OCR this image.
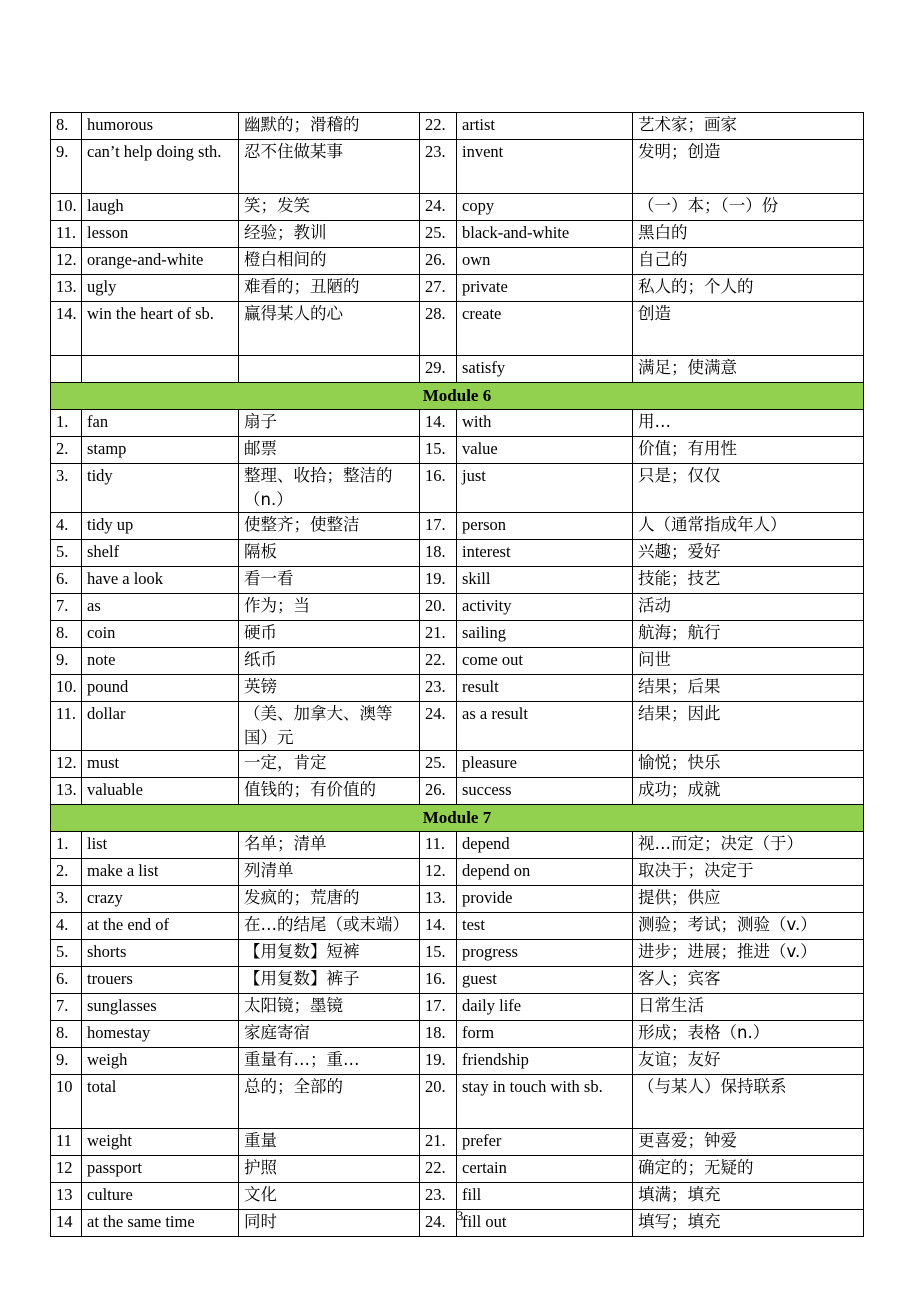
8.	humorous	幽默的；滑稽的	22.	artist	艺术家；画家
9.	can’t help doing sth.	忍不住做某事	23.	invent	发明；创造
10.	laugh	笑；发笑	24.	copy	（一）本；（一）份
11.	lesson	经验；教训	25.	black-and-white	黑白的
12.	orange-and-white	橙白相间的	26.	own	自己的
13.	ugly	难看的；丑陋的	27.	private	私人的；个人的
14.	win the heart of sb.	赢得某人的心	28.	create	创造
			29.	satisfy	满足；使满意
Module 6					
1.	fan	扇子	14.	with	用…
2.	stamp	邮票	15.	value	价值；有用性
3.	tidy	整理、收拾；整洁的（n.）	16.	just	只是；仅仅
4.	tidy up	使整齐；使整洁	17.	person	人（通常指成年人）
5.	shelf	隔板	18.	interest	兴趣；爱好
6.	have a look	看一看	19.	skill	技能；技艺
7.	as	作为；当	20.	activity	活动
8.	coin	硬币	21.	sailing	航海；航行
9.	note	纸币	22.	come out	问世
10.	pound	英镑	23.	result	结果；后果
11.	dollar	（美、加拿大、澳等国）元	24.	as a result	结果；因此
12.	must	一定，肯定	25.	pleasure	愉悦；快乐
13.	valuable	值钱的；有价值的	26.	success	成功；成就
Module 7					
1.	list	名单；清单	11.	depend	视…而定；决定（于）
2.	make a list	列清单	12.	depend on	取决于；决定于
3.	crazy	发疯的；荒唐的	13.	provide	提供；供应
4.	at the end of	在…的结尾（或末端）	14.	test	测验；考试；测验（v.）
5.	shorts	【用复数】短裤	15.	progress	进步；进展；推进（v.）
6.	trouers	【用复数】裤子	16.	guest	客人；宾客
7.	sunglasses	太阳镜；墨镜	17.	daily life	日常生活
8.	homestay	家庭寄宿	18.	form	形成；表格（n.）
9.	weigh	重量有…；重…	19.	friendship	友谊；友好
10	total	总的；全部的	20.	stay in touch with sb.	（与某人）保持联系
11	weight	重量	21.	prefer	更喜爱；钟爱
12	passport	护照	22.	certain	确定的；无疑的
13	culture	文化	23.	fill	填满；填充
14	at the same time	同时	24.	fill out	填写；填充
3
